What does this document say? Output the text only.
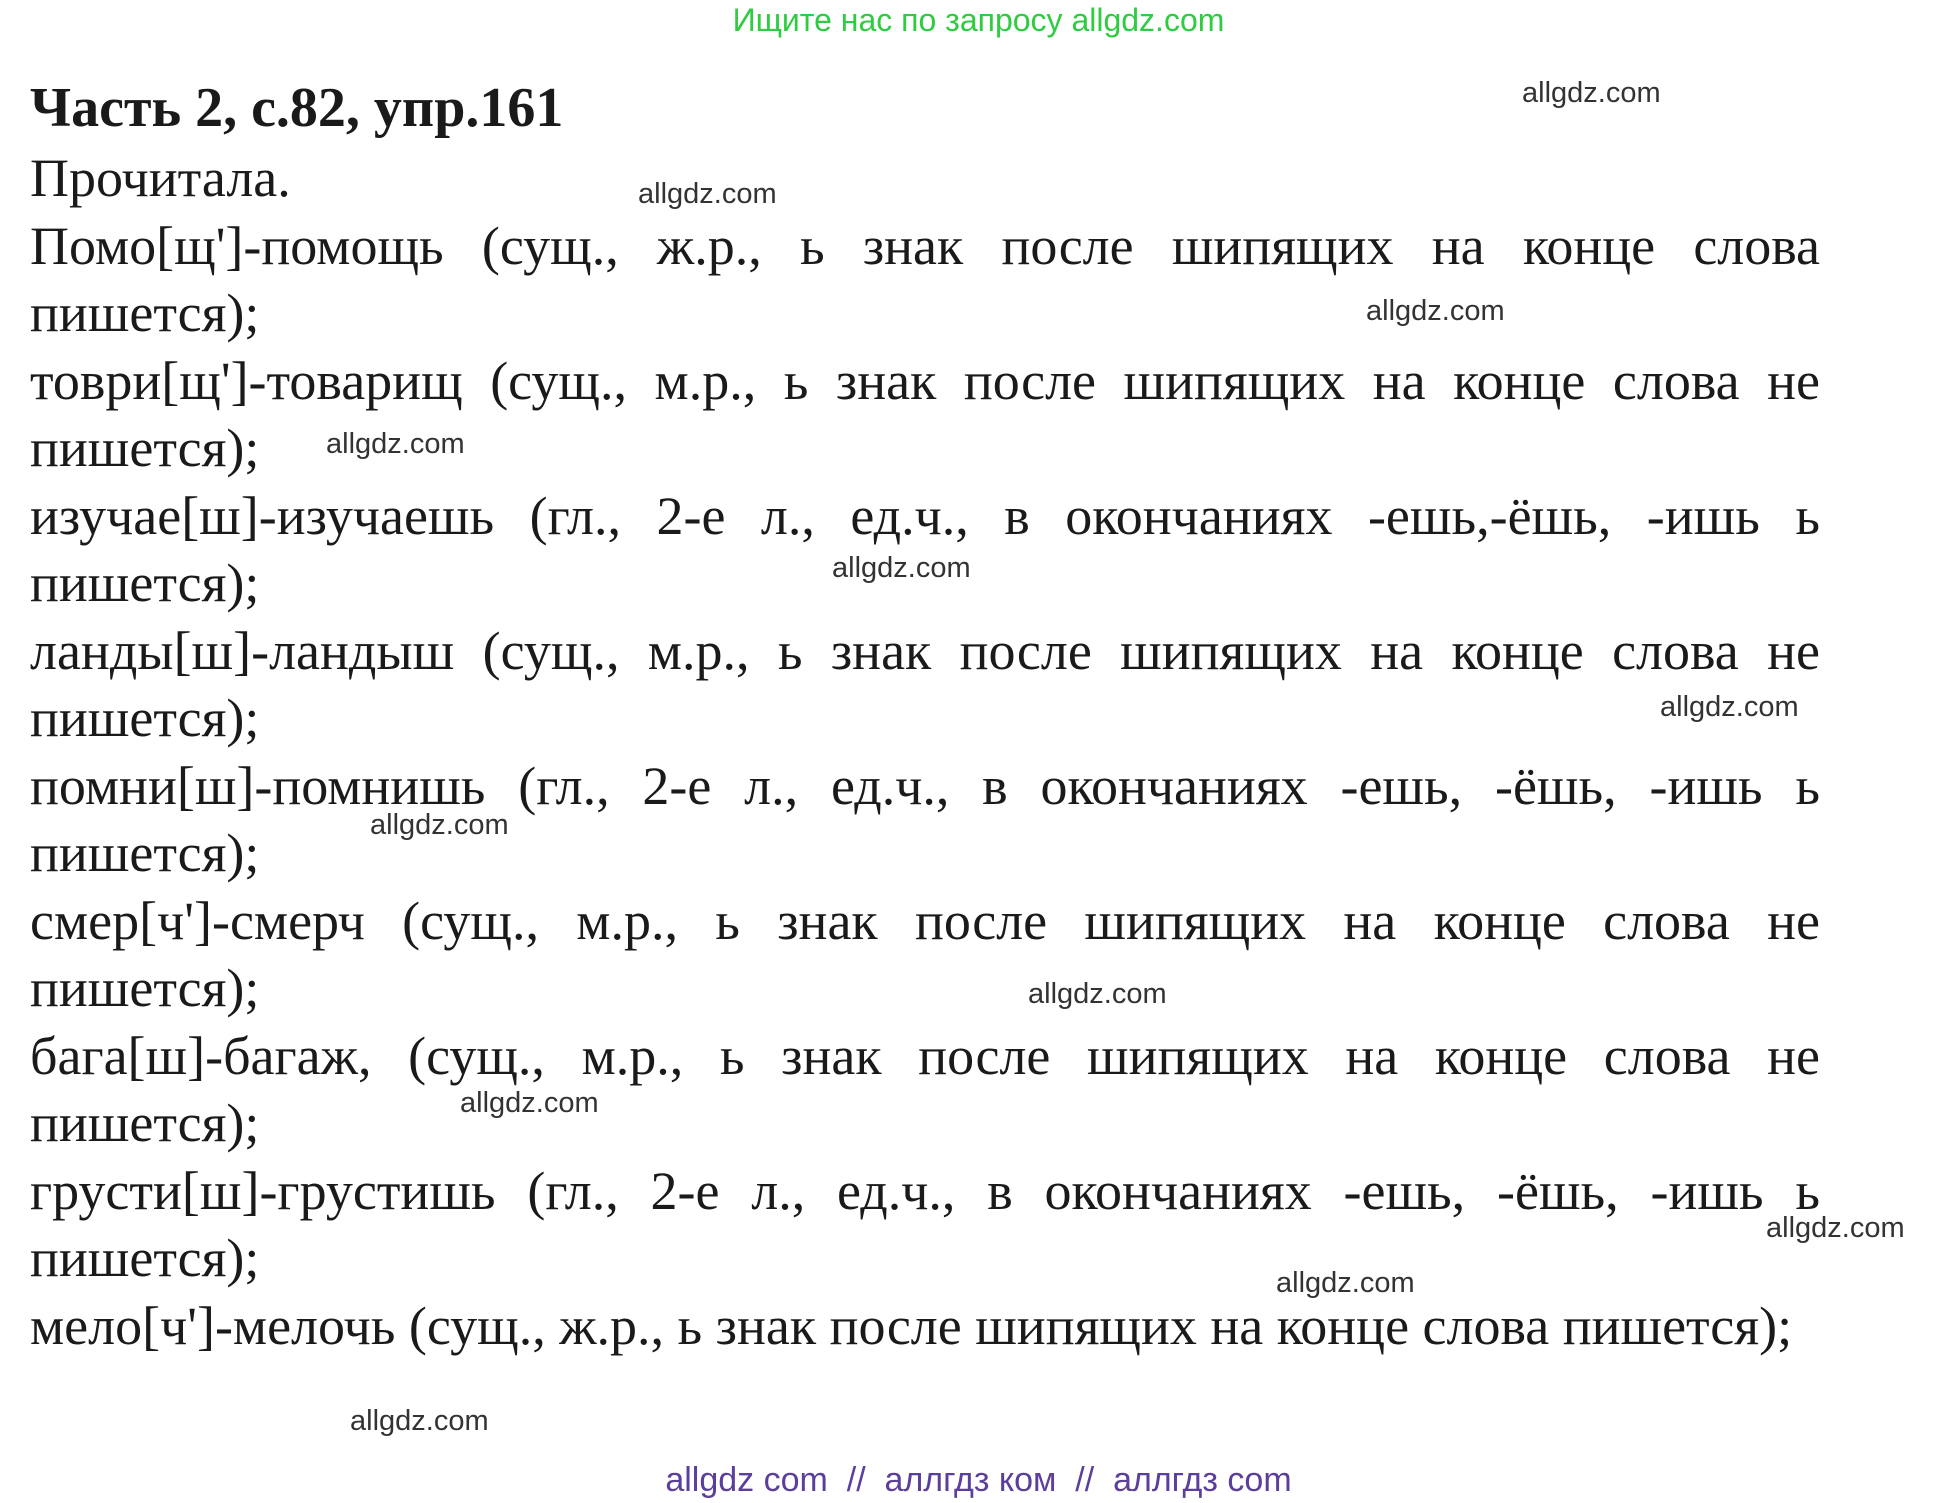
Ищите нас по запросу allgdz.com
Часть 2, с.82, упр.161

Прочитала.

Помо[щ']-помощь (сущ., ж.р., ь знак после шипящих на конце слова пишется);

товри[щ']-товарищ (сущ., м.р., ь знак после шипящих на конце слова не пишется);

изучае[ш]-изучаешь (гл., 2-е л., ед.ч., в окончаниях -ешь,-ёшь, -ишь ь пишется);

ланды[ш]-ландыш (сущ., м.р., ь знак после шипящих на конце слова не пишется);

помни[ш]-помнишь (гл., 2-е л., ед.ч., в окончаниях -ешь, -ёшь, -ишь ь пишется);

смер[ч']-смерч (сущ., м.р., ь знак после шипящих на конце слова не пишется);

бага[ш]-багаж, (сущ., м.р., ь знак после шипящих на конце слова не пишется);

грусти[ш]-грустишь (гл., 2-е л., ед.ч., в окончаниях -ешь, -ёшь, -ишь ь пишется);

мело[ч']-мелочь (сущ., ж.р., ь знак после шипящих на конце слова пишется);

allgdz.com
allgdz.com
allgdz.com
allgdz.com
allgdz.com
allgdz.com
allgdz.com
allgdz.com
allgdz.com
allgdz.com
allgdz.com
allgdz.com
allgdz com  //  аллгдз ком  //  аллгдз com
